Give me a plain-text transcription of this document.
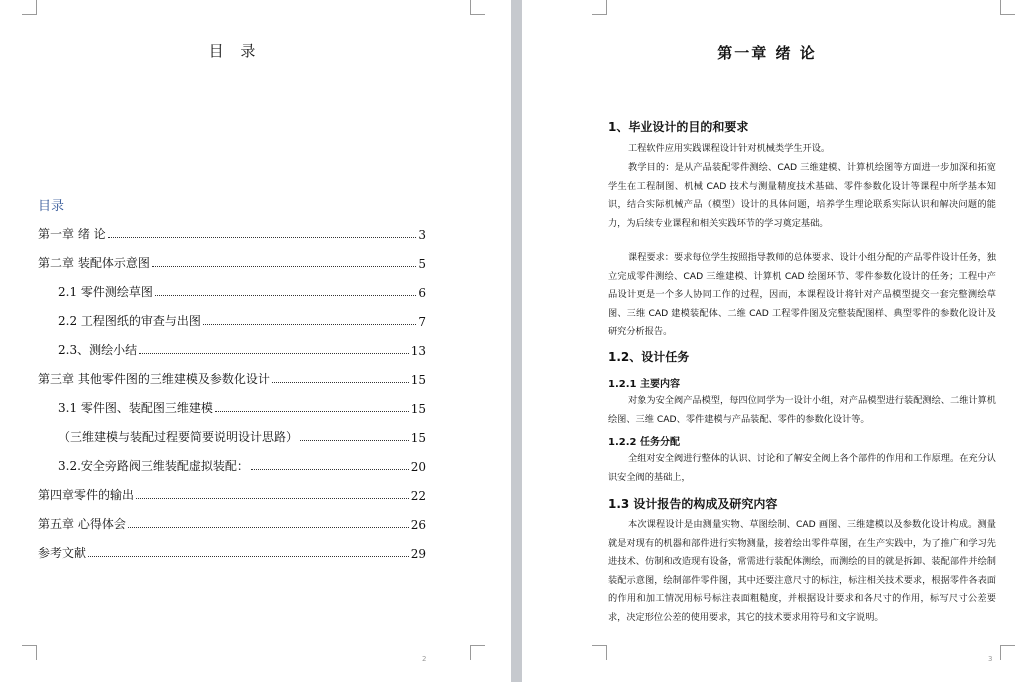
目 录
目录
第一章 绪 论	3
第二章 装配体示意图	5
2.1 零件测绘草图	6
2.2 工程图纸的审查与出图	7
2.3、测绘小结	13
第三章 其他零件图的三维建模及参数化设计	15
3.1 零件图、装配图三维建模	15
（三维建模与装配过程要简要说明设计思路）	15
3.2.安全旁路阀三维装配虚拟装配：	20
第四章零件的输出	22
第五章 心得体会	26
参考文献	29
2
第一章 绪 论
1、毕业设计的目的和要求
工程软件应用实践课程设计针对机械类学生开设。
教学目的：是从产品装配零件测绘、CAD 三维建模、计算机绘图等方面进一步加深和拓宽学生在工程制图、机械 CAD 技术与测量精度技术基础、零件参数化设计等课程中所学基本知识，结合实际机械产品（模型）设计的具体问题，培养学生理论联系实际认识和解决问题的能力，为后续专业课程和相关实践环节的学习奠定基础。
课程要求：要求每位学生按照指导教师的总体要求、设计小组分配的产品零件设计任务，独立完成零件测绘、CAD 三维建模、计算机 CAD 绘图环节、零件参数化设计的任务；工程中产品设计更是一个多人协同工作的过程，因而，本课程设计将针对产品模型提交一套完整测绘草图、三维 CAD 建模装配体、二维 CAD 工程零件图及完整装配图样、典型零件的参数化设计及研究分析报告。
1.2、设计任务
1.2.1 主要内容
对象为安全阀产品模型，每四位同学为一设计小组，对产品模型进行装配测绘、二维计算机绘图、三维 CAD、零件建模与产品装配、零件的参数化设计等。
1.2.2 任务分配
全组对安全阀进行整体的认识、讨论和了解安全阀上各个部件的作用和工作原理。在充分认识安全阀的基础上，
1.3 设计报告的构成及研究内容
本次课程设计是由测量实物、草图绘制、CAD 画图、三维建模以及参数化设计构成。测量就是对现有的机器和部件进行实物测量，接着绘出零件草图，在生产实践中，为了推广和学习先进技术、仿制和改造现有设备，常需进行装配体测绘，而测绘的目的就是拆卸、装配部件并绘制装配示意图，绘制部件零件图，其中还要注意尺寸的标注，标注相关技术要求，根据零件各表面的作用和加工情况用标号标注表面粗糙度，并根据设计要求和各尺寸的作用，标写尺寸公差要求，决定形位公差的使用要求，其它的技术要求用符号和文字说明。
3
